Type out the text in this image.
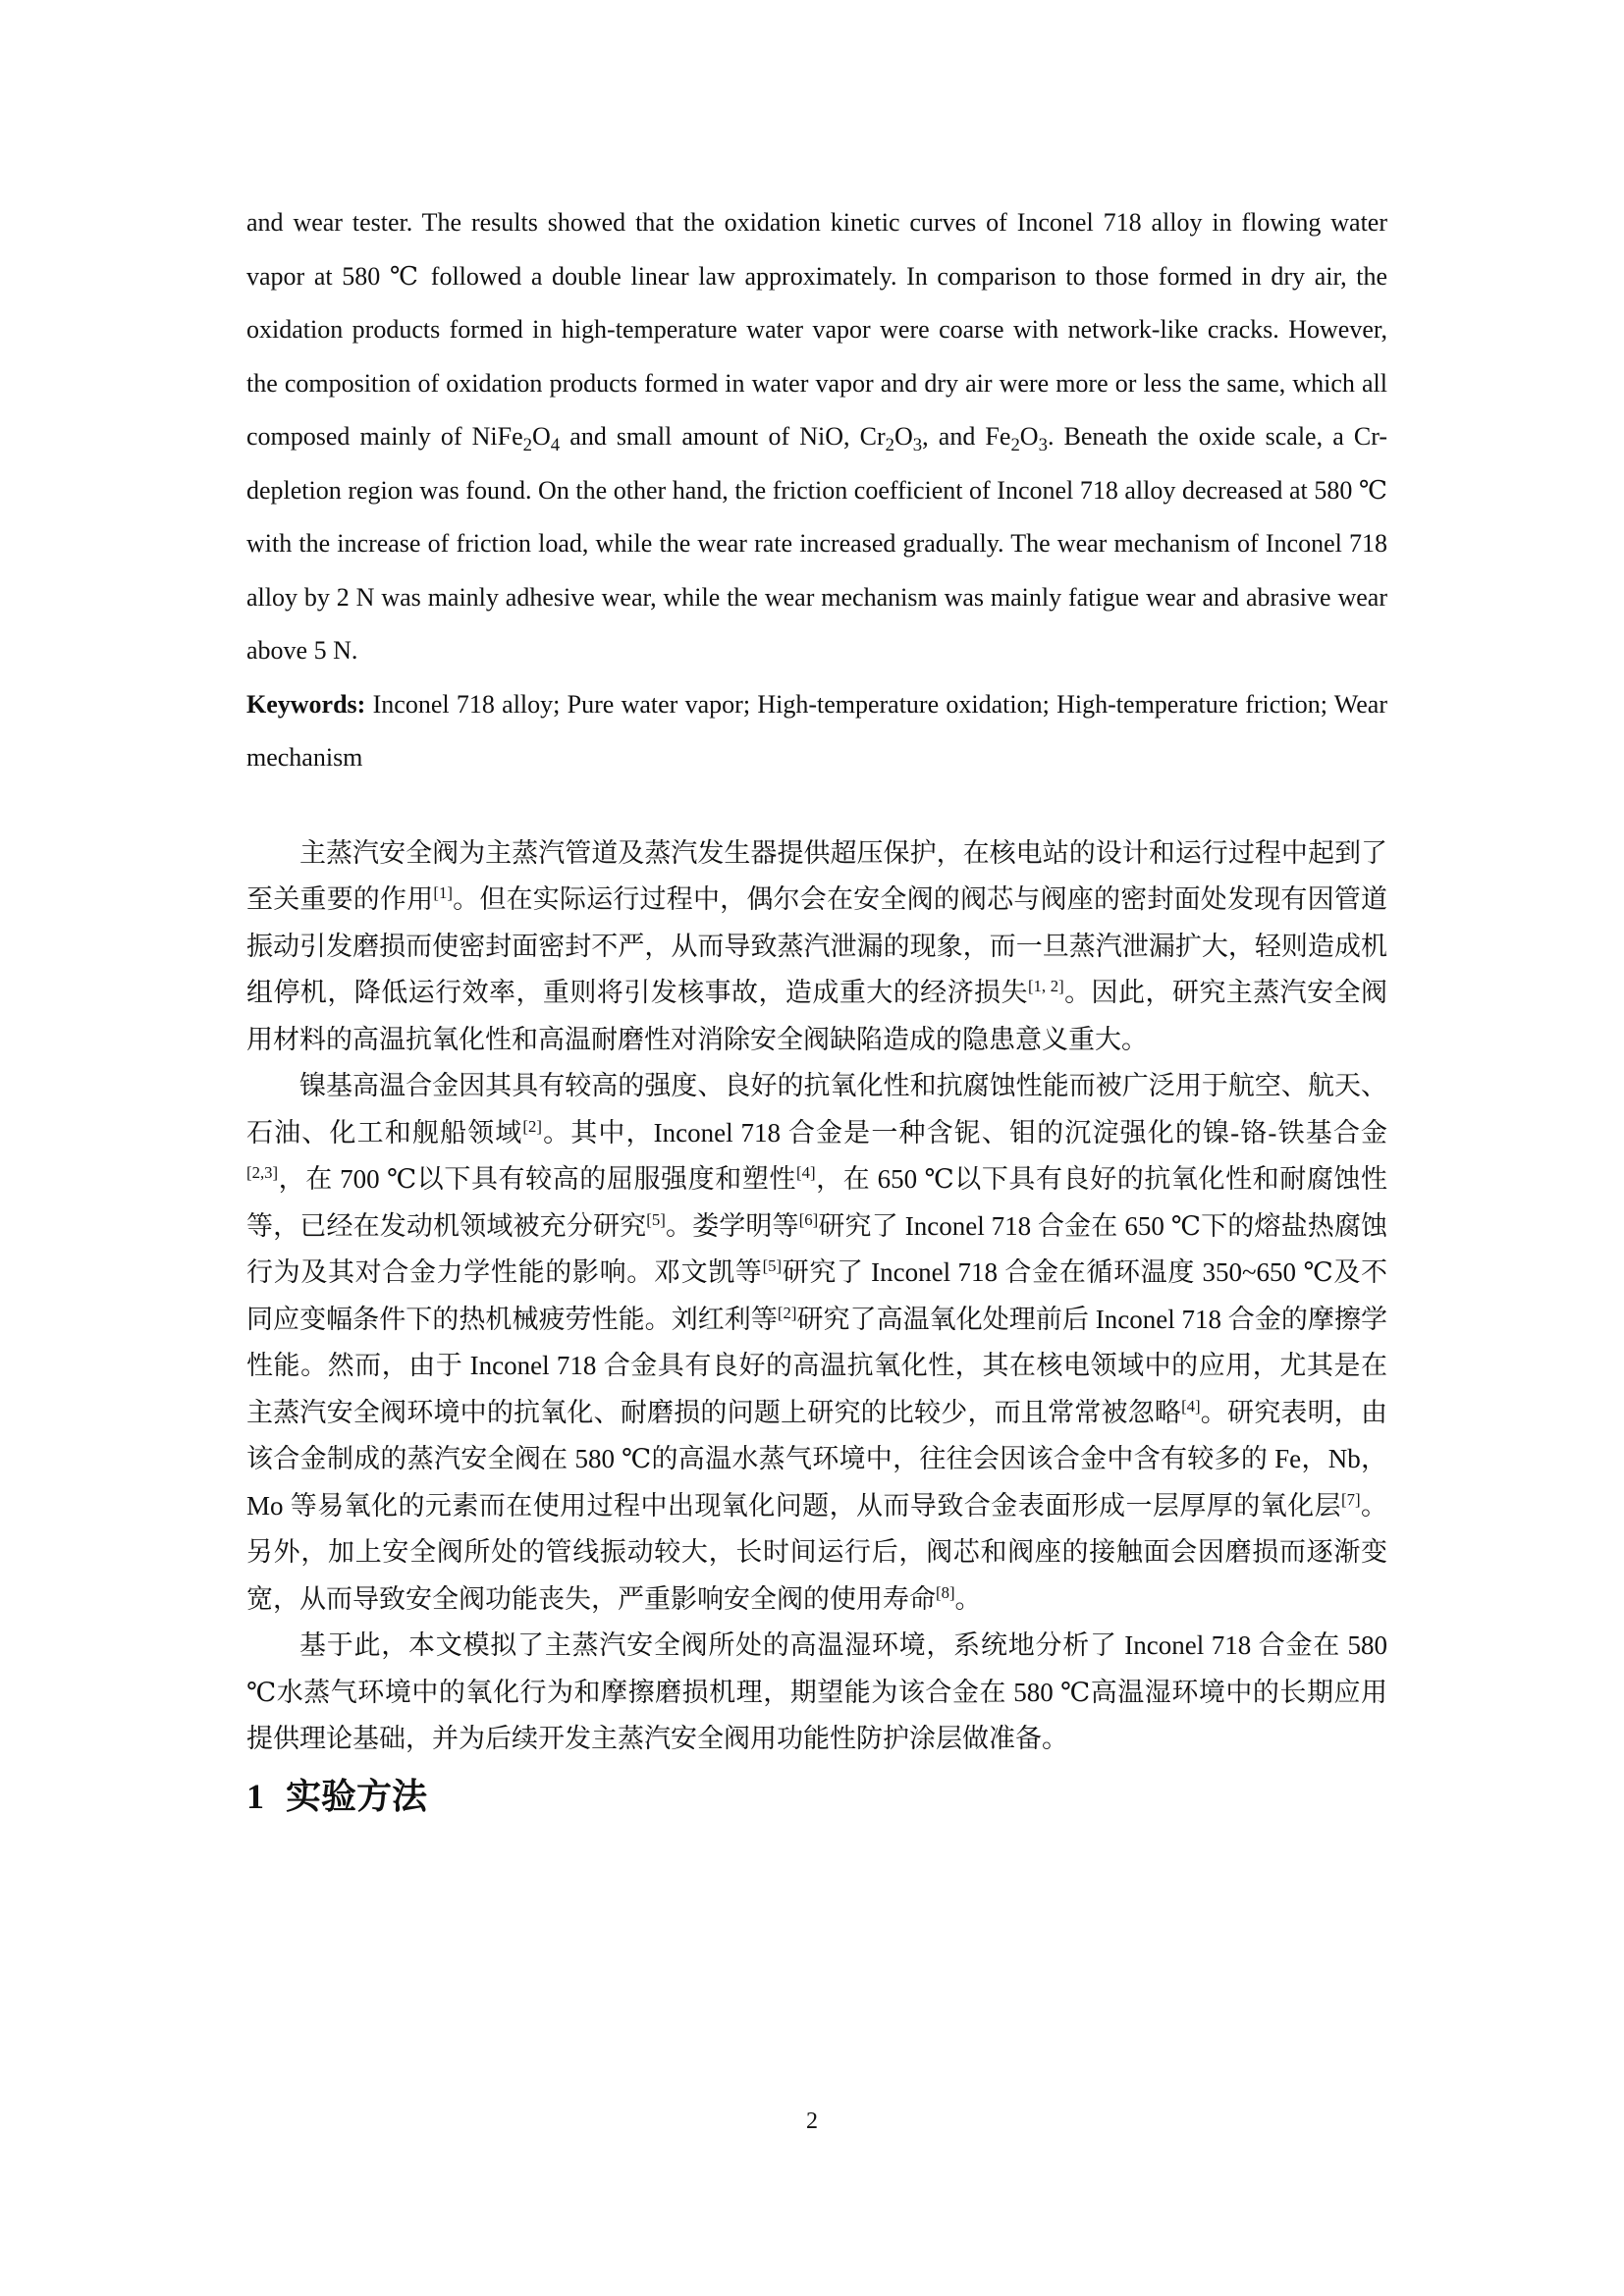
and wear tester. The results showed that the oxidation kinetic curves of Inconel 718 alloy in flowing water vapor at 580 ℃ followed a double linear law approximately. In comparison to those formed in dry air, the oxidation products formed in high-temperature water vapor were coarse with network-like cracks. However, the composition of oxidation products formed in water vapor and dry air were more or less the same, which all composed mainly of $NiFe_2O_4$ and small amount of NiO, $Cr_2O_3$, and $Fe_2O_3$. Beneath the oxide scale, a Cr-depletion region was found. On the other hand, the friction coefficient of Inconel 718 alloy decreased at 580 ℃ with the increase of friction load, while the wear rate increased gradually. The wear mechanism of Inconel 718 alloy by 2 N was mainly adhesive wear, while the wear mechanism was mainly fatigue wear and abrasive wear above 5 N.

Keywords: Inconel 718 alloy; Pure water vapor; High-temperature oxidation; High-temperature friction; Wear mechanism

主蒸汽安全阀为主蒸汽管道及蒸汽发生器提供超压保护，在核电站的设计和运行过程中起到了至关重要的作用[1]。但在实际运行过程中，偶尔会在安全阀的阀芯与阀座的密封面处发现有因管道振动引发磨损而使密封面密封不严，从而导致蒸汽泄漏的现象，而一旦蒸汽泄漏扩大，轻则造成机组停机，降低运行效率，重则将引发核事故，造成重大的经济损失[1, 2]。因此，研究主蒸汽安全阀用材料的高温抗氧化性和高温耐磨性对消除安全阀缺陷造成的隐患意义重大。

镍基高温合金因其具有较高的强度、良好的抗氧化性和抗腐蚀性能而被广泛用于航空、航天、石油、化工和舰船领域[2]。其中，Inconel 718 合金是一种含铌、钼的沉淀强化的镍-铬-铁基合金[2,3]，在 700 ℃以下具有较高的屈服强度和塑性[4]，在 650 ℃以下具有良好的抗氧化性和耐腐蚀性等，已经在发动机领域被充分研究[5]。娄学明等[6]研究了 Inconel 718 合金在 650 ℃下的熔盐热腐蚀行为及其对合金力学性能的影响。邓文凯等[5]研究了 Inconel 718 合金在循环温度 350~650 ℃及不同应变幅条件下的热机械疲劳性能。刘红利等[2]研究了高温氧化处理前后 Inconel 718 合金的摩擦学性能。然而，由于 Inconel 718 合金具有良好的高温抗氧化性，其在核电领域中的应用，尤其是在主蒸汽安全阀环境中的抗氧化、耐磨损的问题上研究的比较少，而且常常被忽略[4]。研究表明，由该合金制成的蒸汽安全阀在 580 ℃的高温水蒸气环境中，往往会因该合金中含有较多的 Fe，Nb，Mo 等易氧化的元素而在使用过程中出现氧化问题，从而导致合金表面形成一层厚厚的氧化层[7]。另外，加上安全阀所处的管线振动较大，长时间运行后，阀芯和阀座的接触面会因磨损而逐渐变宽，从而导致安全阀功能丧失，严重影响安全阀的使用寿命[8]。

基于此，本文模拟了主蒸汽安全阀所处的高温湿环境，系统地分析了 Inconel 718 合金在 580 ℃水蒸气环境中的氧化行为和摩擦磨损机理，期望能为该合金在 580 ℃高温湿环境中的长期应用提供理论基础，并为后续开发主蒸汽安全阀用功能性防护涂层做准备。

1 实验方法
2
